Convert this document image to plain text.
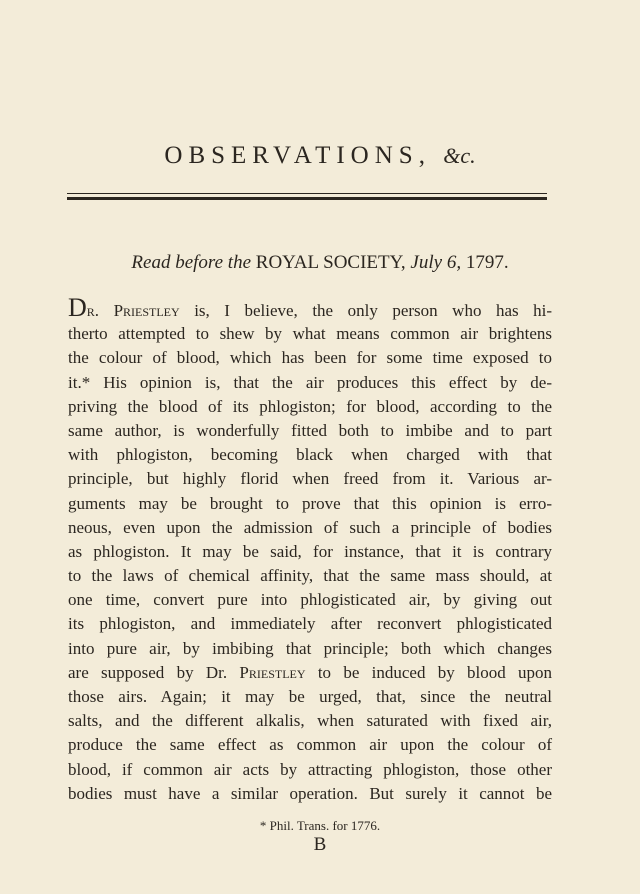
OBSERVATIONS, &c.
Read before the ROYAL SOCIETY, July 6, 1797.
Dr. Priestley is, I believe, the only person who has hi-
therto attempted to shew by what means common air brightens
the colour of blood, which has been for some time exposed to
it.* His opinion is, that the air produces this effect by de-
priving the blood of its phlogiston; for blood, according to the
same author, is wonderfully fitted both to imbibe and to part
with phlogiston, becoming black when charged with that
principle, but highly florid when freed from it. Various ar-
guments may be brought to prove that this opinion is erro-
neous, even upon the admission of such a principle of bodies
as phlogiston. It may be said, for instance, that it is contrary
to the laws of chemical affinity, that the same mass should, at
one time, convert pure into phlogisticated air, by giving out
its phlogiston, and immediately after reconvert phlogisticated
into pure air, by imbibing that principle; both which changes
are supposed by Dr. Priestley to be induced by blood upon
those airs. Again; it may be urged, that, since the neutral
salts, and the different alkalis, when saturated with fixed air,
produce the same effect as common air upon the colour of
blood, if common air acts by attracting phlogiston, those other
bodies must have a similar operation. But surely it cannot be
* Phil. Trans. for 1776.
B
